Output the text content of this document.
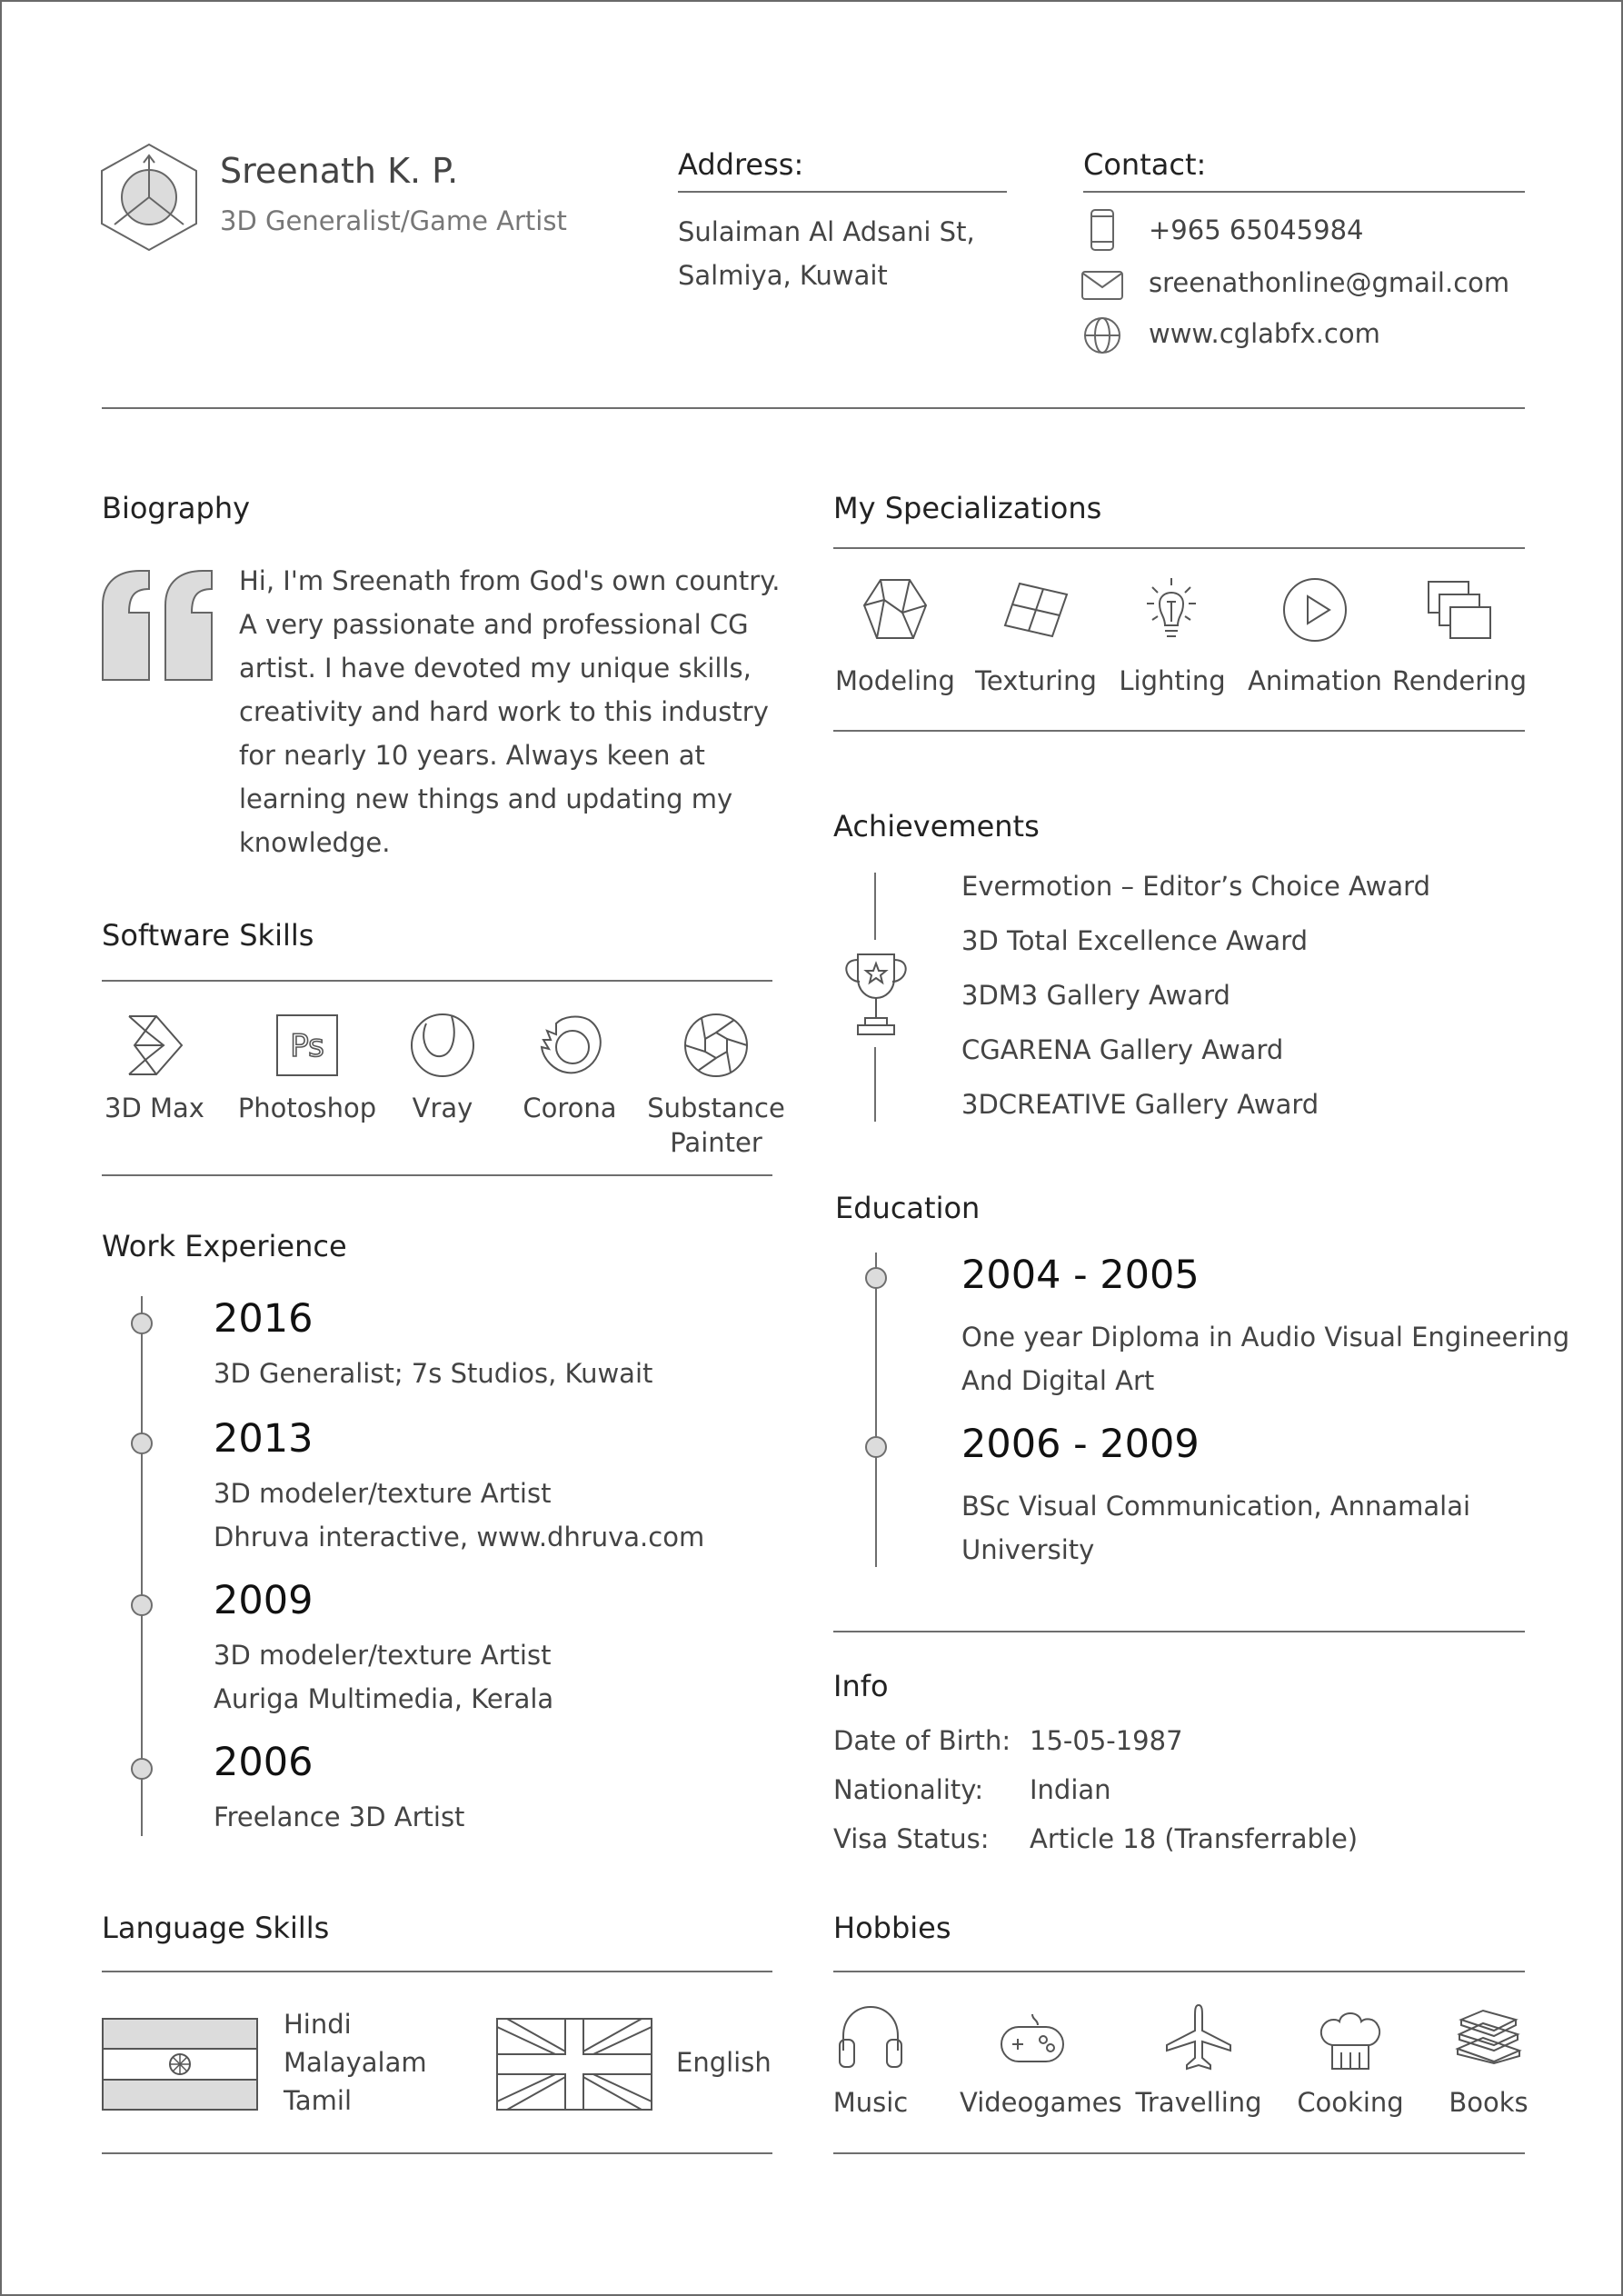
Sreenath K. P.
3D Generalist/Game Artist
Address:
Sulaiman Al Adsani St,
Salmiya, Kuwait
Contact:
+965 65045984
sreenathonline@gmail.com
www.cglabfx.com
Biography
Hi, I'm Sreenath from God's own country.
A very passionate and professional CG
artist. I have devoted my unique skills,
creativity and hard work to this industry
for nearly 10 years. Always keen at
learning new things and updating my
knowledge.
My Specializations
Modeling Texturing Lighting Animation Rendering
Achievements
Evermotion – Editor’s Choice Award
3D Total Excellence Award
3DM3 Gallery Award
CGARENA Gallery Award
3DCREATIVE Gallery Award
Software Skills
3D Max
Ps
Photoshop	Vray	Corona	Substance
Painter
Education
2004 - 2005
One year Diploma in Audio Visual Engineering
And Digital Art
2006 - 2009
BSc Visual Communication, Annamalai
University
Work Experience
2016
3D Generalist; 7s Studios, Kuwait
2013
3D modeler/texture Artist
Dhruva interactive, www.dhruva.com
2009
3D modeler/texture Artist
Auriga Multimedia, Kerala
2006
Freelance 3D Artist
Info
Date of Birth: 15-05-1987
Nationality: Indian
Visa Status: Article 18 (Transferrable)
Language Skills
Hindi
Malayalam
Tamil
English
Hobbies
Music	Videogames Travelling	Cooking	Books
